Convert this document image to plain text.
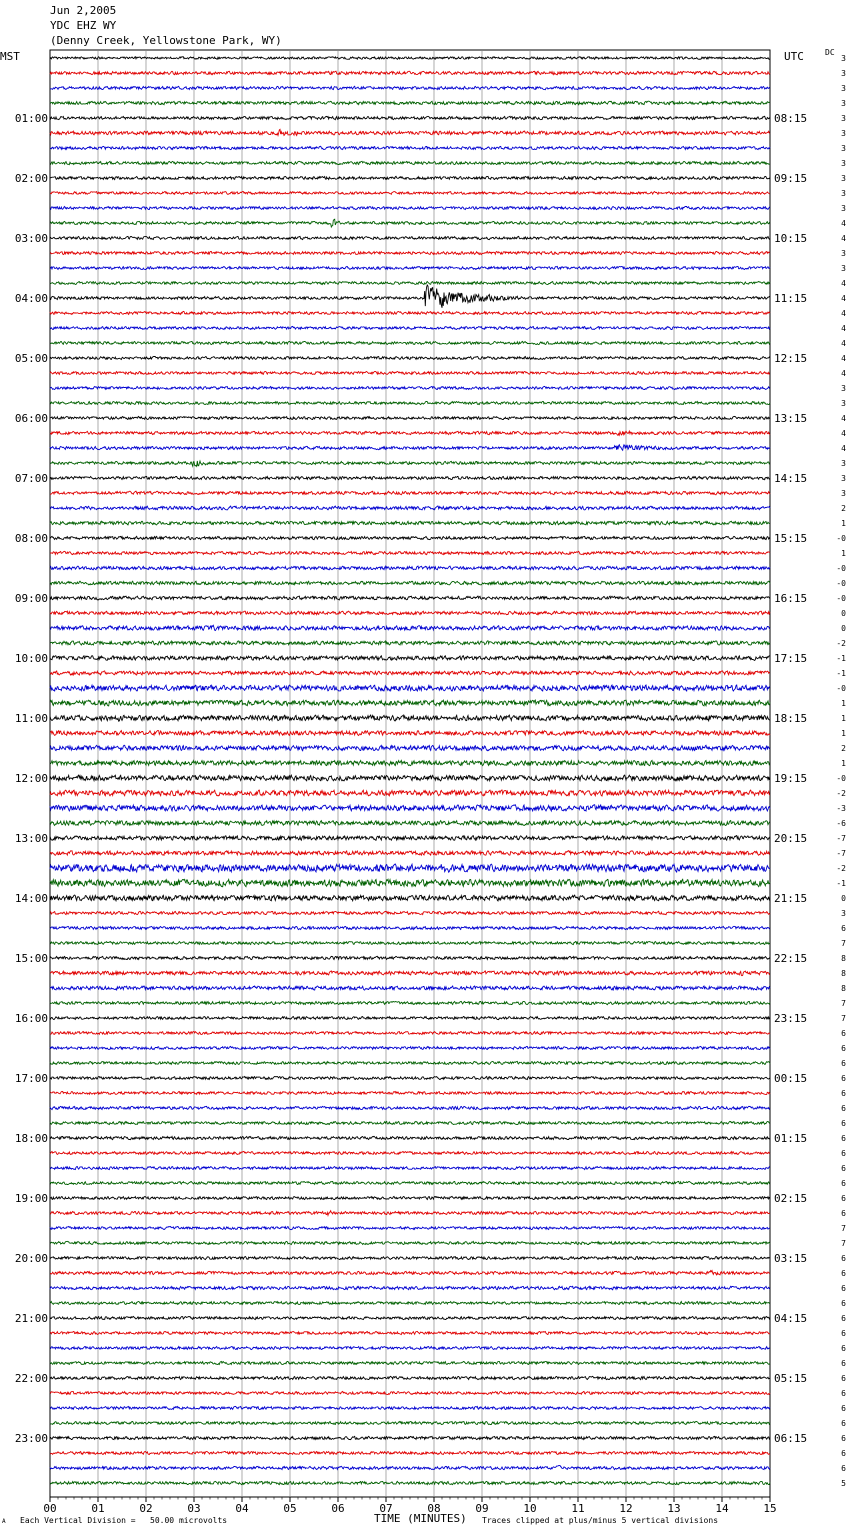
Jun 2,2005
YDC EHZ WY
(Denny Creek, Yellowstone Park, WY)
MST	UTC	DC
00	01	02	03	04	05	06	07	08	09	10	11	12	13	14	15
3
3
3
3
3
3
3
3
3
3
3
4
4
3
3
4
4
4
4
4
4
4
3
3
4
4
4
3
3
3
2
1
-0
1
-0
-0
-0
0
0
-2
-1
-1
-0
1
1
1
2
1
-0
-2
-3
-6
-7
-7
-2
-1
0
3
6
7
8
8
8
7
7
6
6
6
6
6
6
6
6
6
6
6
6
6
7
7
6
6
6
6
6
6
6
6
6
6
6
6
6
6
6
5
01:00
02:00
03:00
04:00
05:00
06:00
07:00
08:00
09:00
10:00
11:00
12:00
13:00
14:00
15:00
16:00
17:00
18:00
19:00
20:00
21:00
22:00
23:00
08:15
09:15
10:15
11:15
12:15
13:15
14:15
15:15
16:15
17:15
18:15
19:15
20:15
21:15
22:15
23:15
00:15
01:15
02:15
03:15
04:15
05:15
06:15
A Each Vertical Division =   50.00 microvolts	TIME (MINUTES) Traces clipped at plus/minus 5 vertical divisions
